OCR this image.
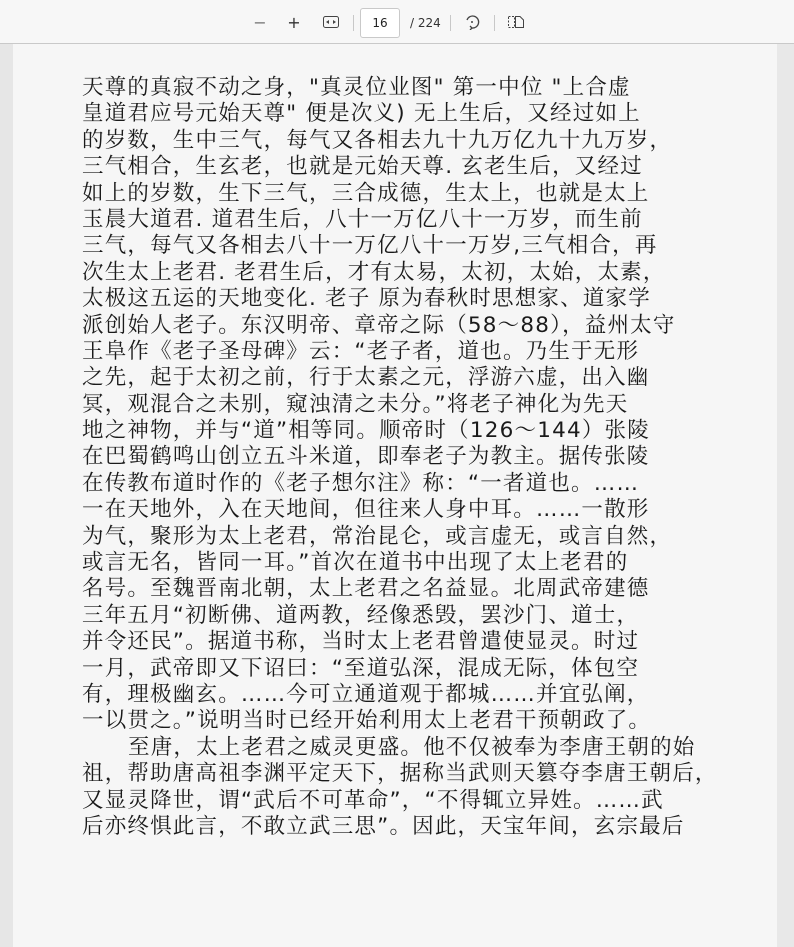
− +
16	/ 224
天尊的真寂不动之身，"真灵位业图" 第一中位 "上合虚
皇道君应号元始天尊" 便是次义) 无上生后，又经过如上
的岁数，生中三气，每气又各相去九十九万亿九十九万岁，
三气相合，生玄老，也就是元始天尊. 玄老生后，又经过
如上的岁数，生下三气，三合成德，生太上，也就是太上
玉晨大道君. 道君生后，八十一万亿八十一万岁，而生前
三气，每气又各相去八十一万亿八十一万岁,三气相合，再
次生太上老君. 老君生后，才有太易，太初，太始，太素，
太极这五运的天地变化. 老子 原为春秋时思想家、道家学
派创始人老子。东汉明帝、章帝之际（58～88），益州太守
王阜作《老子圣母碑》云：“老子者，道也。乃生于无形
之先，起于太初之前，行于太素之元，浮游六虚，出入幽
冥，观混合之未别，窥浊清之未分。”将老子神化为先天
地之神物，并与“道”相等同。顺帝时（126～144）张陵
在巴蜀鹤鸣山创立五斗米道，即奉老子为教主。据传张陵
在传教布道时作的《老子想尔注》称：“一者道也。……
一在天地外，入在天地间，但往来人身中耳。……一散形
为气，聚形为太上老君，常治昆仑，或言虚无，或言自然，
或言无名，皆同一耳。”首次在道书中出现了太上老君的
名号。至魏晋南北朝，太上老君之名益显。北周武帝建德
三年五月“初断佛、道两教，经像悉毁，罢沙门、道士，
并令还民”。据道书称，当时太上老君曾遣使显灵。时过
一月，武帝即又下诏曰：“至道弘深，混成无际，体包空
有，理极幽玄。……今可立通道观于都城……并宜弘阐，
一以贯之。”说明当时已经开始利用太上老君干预朝政了。
至唐，太上老君之威灵更盛。他不仅被奉为李唐王朝的始
祖，帮助唐高祖李渊平定天下，据称当武则天篡夺李唐王朝后，
又显灵降世，谓“武后不可革命”，“不得辄立异姓。……武
后亦终惧此言，不敢立武三思”。因此，天宝年间，玄宗最后
